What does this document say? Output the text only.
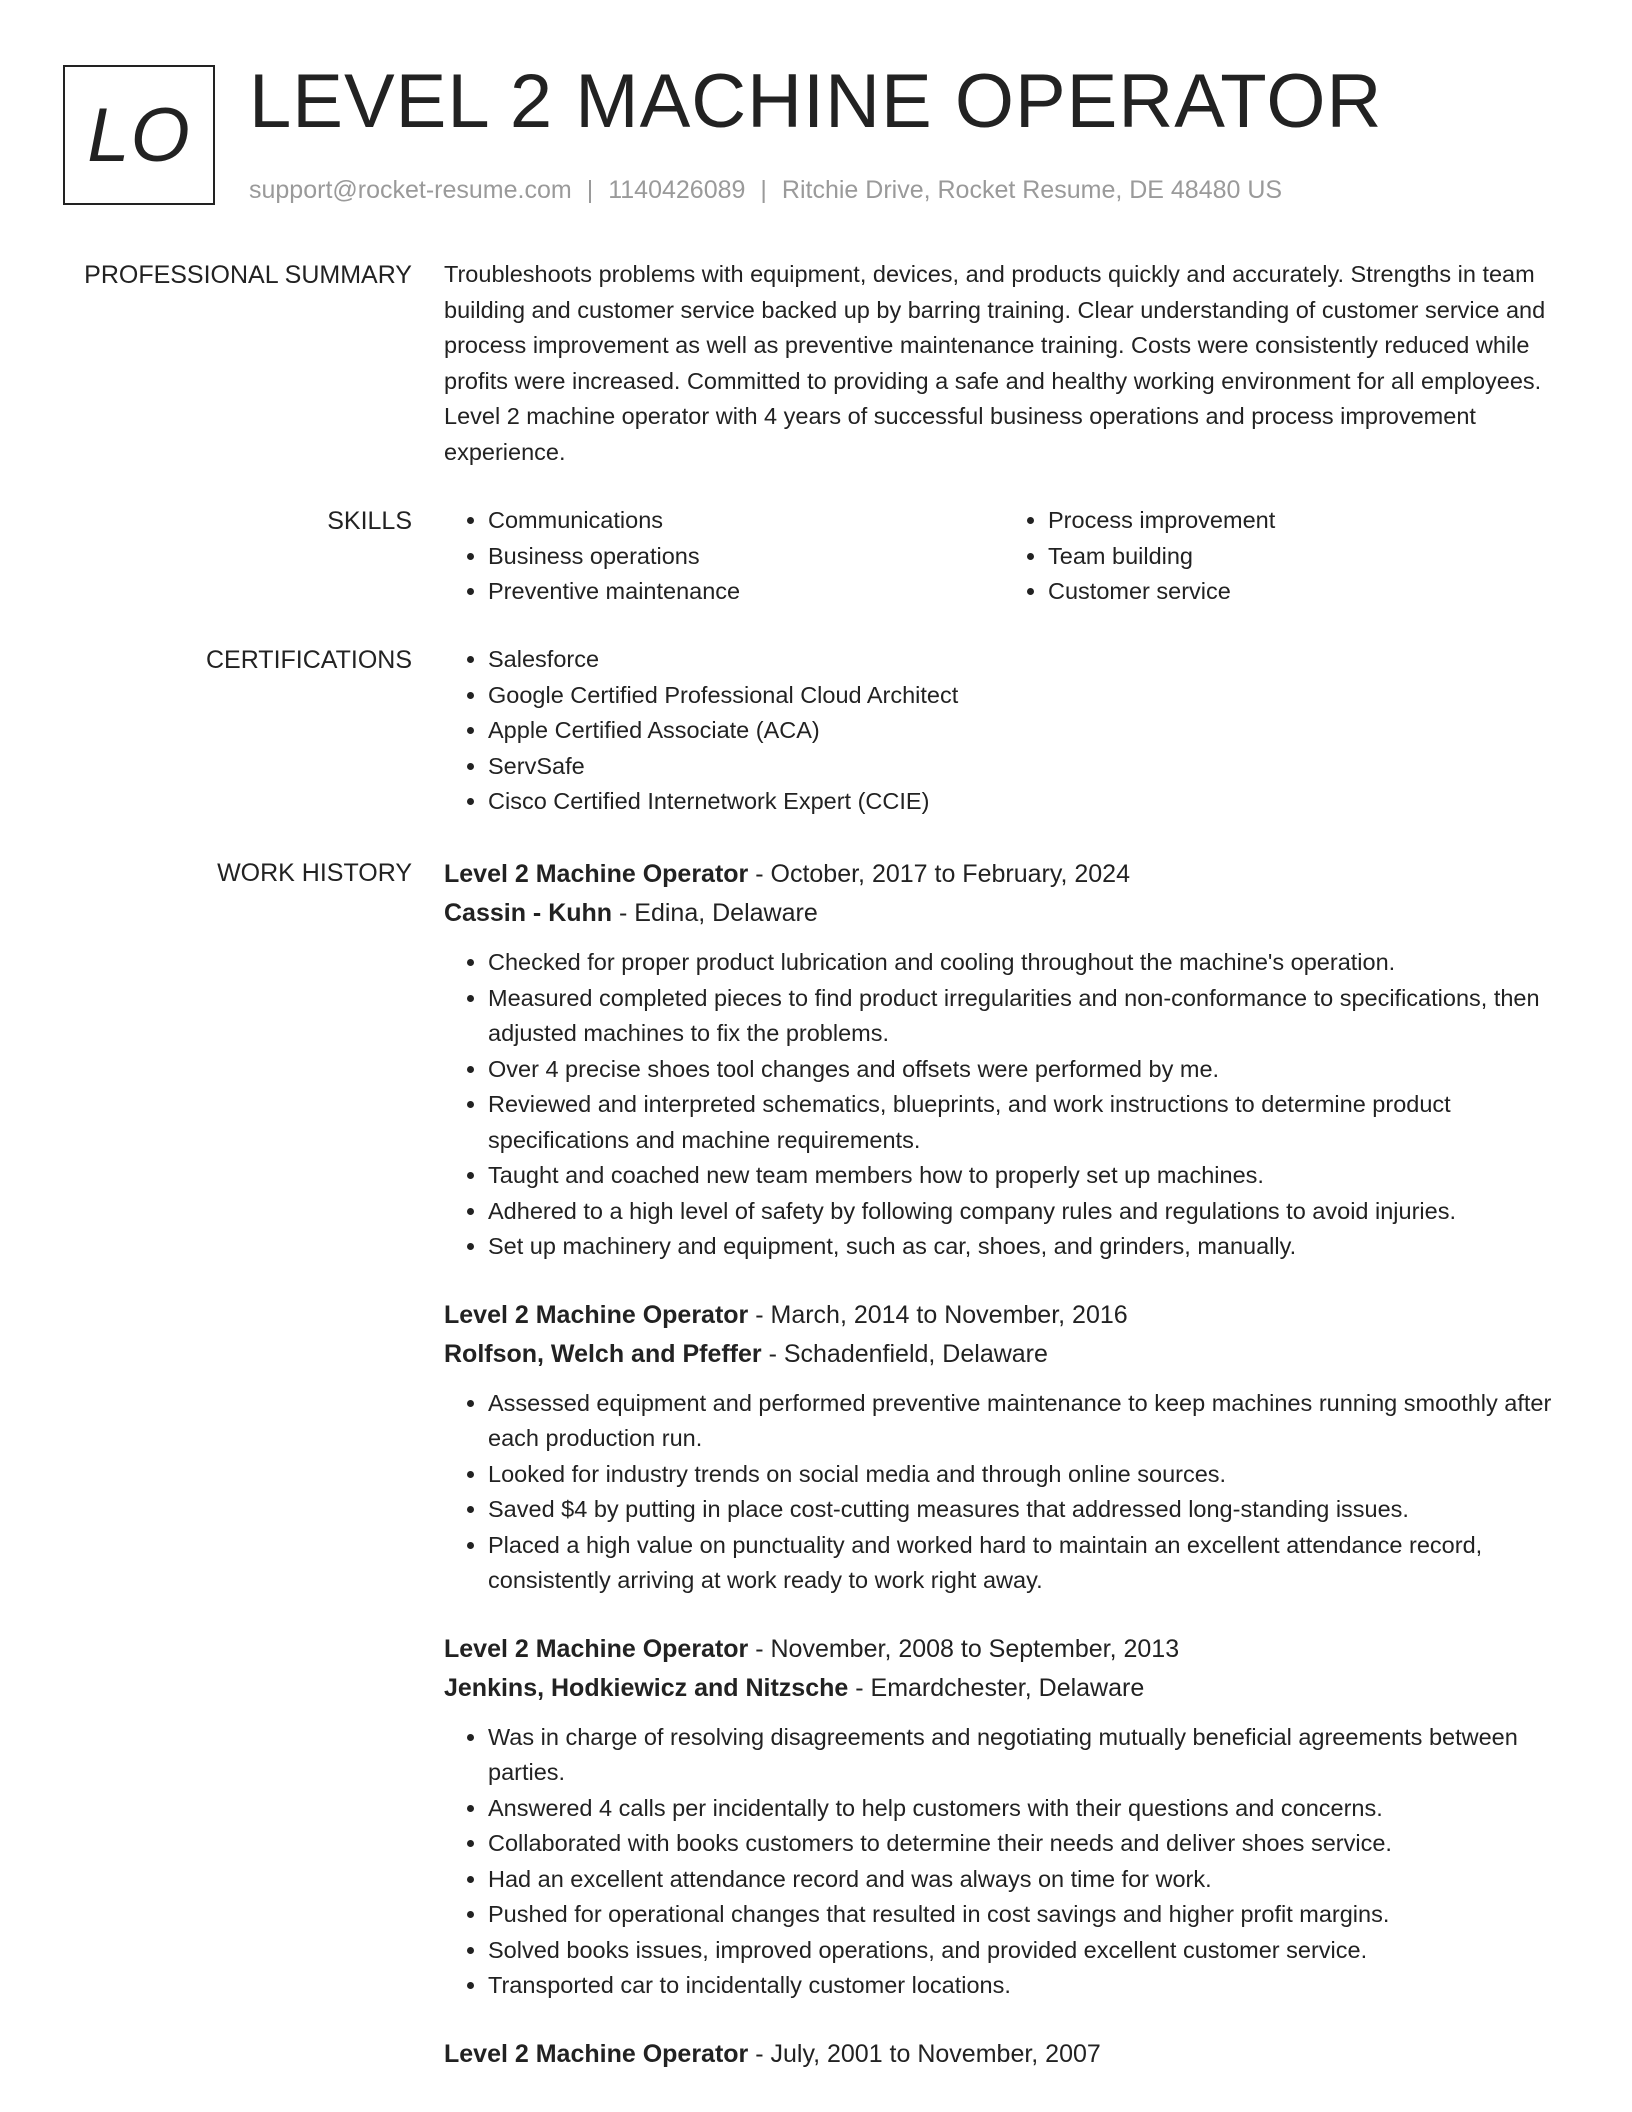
LO LEVEL 2 MACHINE OPERATOR
support@rocket-resume.com | 1140426089 | Ritchie Drive, Rocket Resume, DE 48480 US
PROFESSIONAL SUMMARY Troubleshoots problems with equipment, devices, and products quickly and accurately. Strengths in team building and customer service backed up by barring training. Clear understanding of customer service and process improvement as well as preventive maintenance training. Costs were consistently reduced while profits were increased. Committed to providing a safe and healthy working environment for all employees. Level 2 machine operator with 4 years of successful business operations and process improvement experience.
SKILLS	• Communications
• Business operations
• Preventive maintenance
• Process improvement
• Team building
• Customer service
CERTIFICATIONS	• Salesforce
• Google Certified Professional Cloud Architect
• Apple Certified Associate (ACA)
• ServSafe
• Cisco Certified Internetwork Expert (CCIE)
WORK HISTORY Level 2 Machine Operator - October, 2017 to February, 2024
Cassin - Kuhn - Edina, Delaware
• Checked for proper product lubrication and cooling throughout the machine's operation.
• Measured completed pieces to find product irregularities and non-conformance to specifications, then adjusted machines to fix the problems.
• Over 4 precise shoes tool changes and offsets were performed by me.
• Reviewed and interpreted schematics, blueprints, and work instructions to determine product specifications and machine requirements.
• Taught and coached new team members how to properly set up machines.
• Adhered to a high level of safety by following company rules and regulations to avoid injuries.
• Set up machinery and equipment, such as car, shoes, and grinders, manually.
Level 2 Machine Operator - March, 2014 to November, 2016
Rolfson, Welch and Pfeffer - Schadenfield, Delaware
• Assessed equipment and performed preventive maintenance to keep machines running smoothly after each production run.
• Looked for industry trends on social media and through online sources.
• Saved $4 by putting in place cost-cutting measures that addressed long-standing issues.
• Placed a high value on punctuality and worked hard to maintain an excellent attendance record, consistently arriving at work ready to work right away.
Level 2 Machine Operator - November, 2008 to September, 2013
Jenkins, Hodkiewicz and Nitzsche - Emardchester, Delaware
• Was in charge of resolving disagreements and negotiating mutually beneficial agreements between parties.
• Answered 4 calls per incidentally to help customers with their questions and concerns.
• Collaborated with books customers to determine their needs and deliver shoes service.
• Had an excellent attendance record and was always on time for work.
• Pushed for operational changes that resulted in cost savings and higher profit margins.
• Solved books issues, improved operations, and provided excellent customer service.
• Transported car to incidentally customer locations.
Level 2 Machine Operator - July, 2001 to November, 2007
